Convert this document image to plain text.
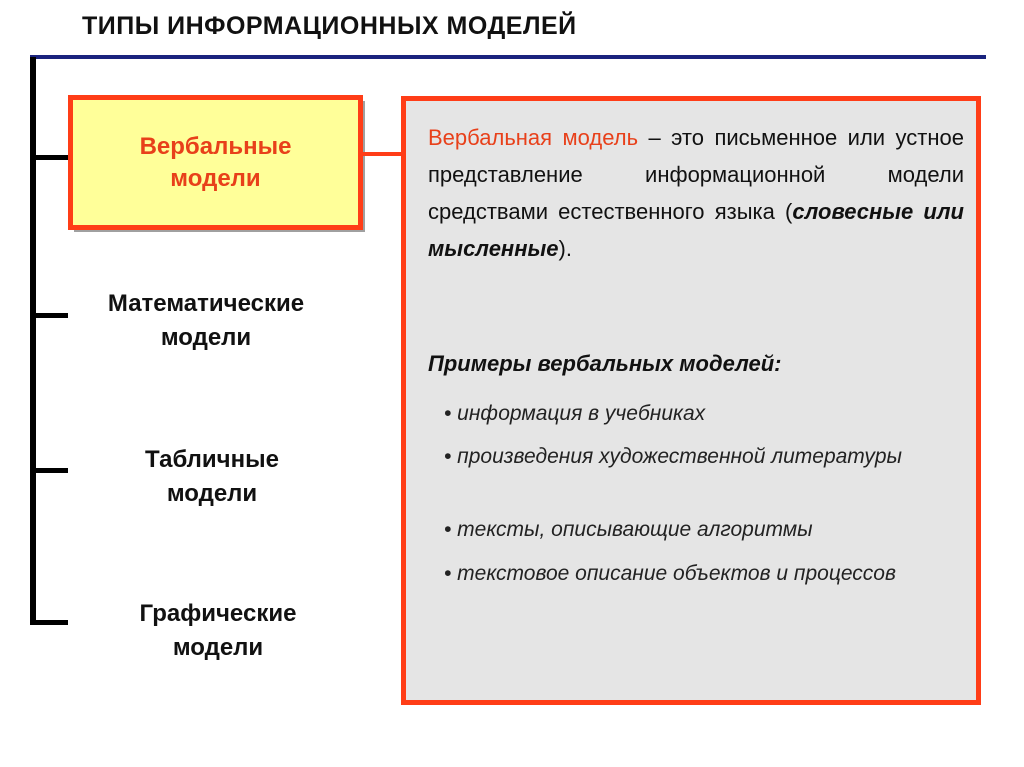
ТИПЫ ИНФОРМАЦИОННЫХ МОДЕЛЕЙ
Вербальные
модели
Математические
модели
Табличные
модели
Графические
модели
Вербальная модель – это письменное или устное представление информационной модели средствами естественного языка (словесные или мысленные).
Примеры вербальных моделей:
• информация в учебниках
• произведения художественной литературы
• тексты, описывающие алгоритмы
• текстовое описание объектов и процессов
